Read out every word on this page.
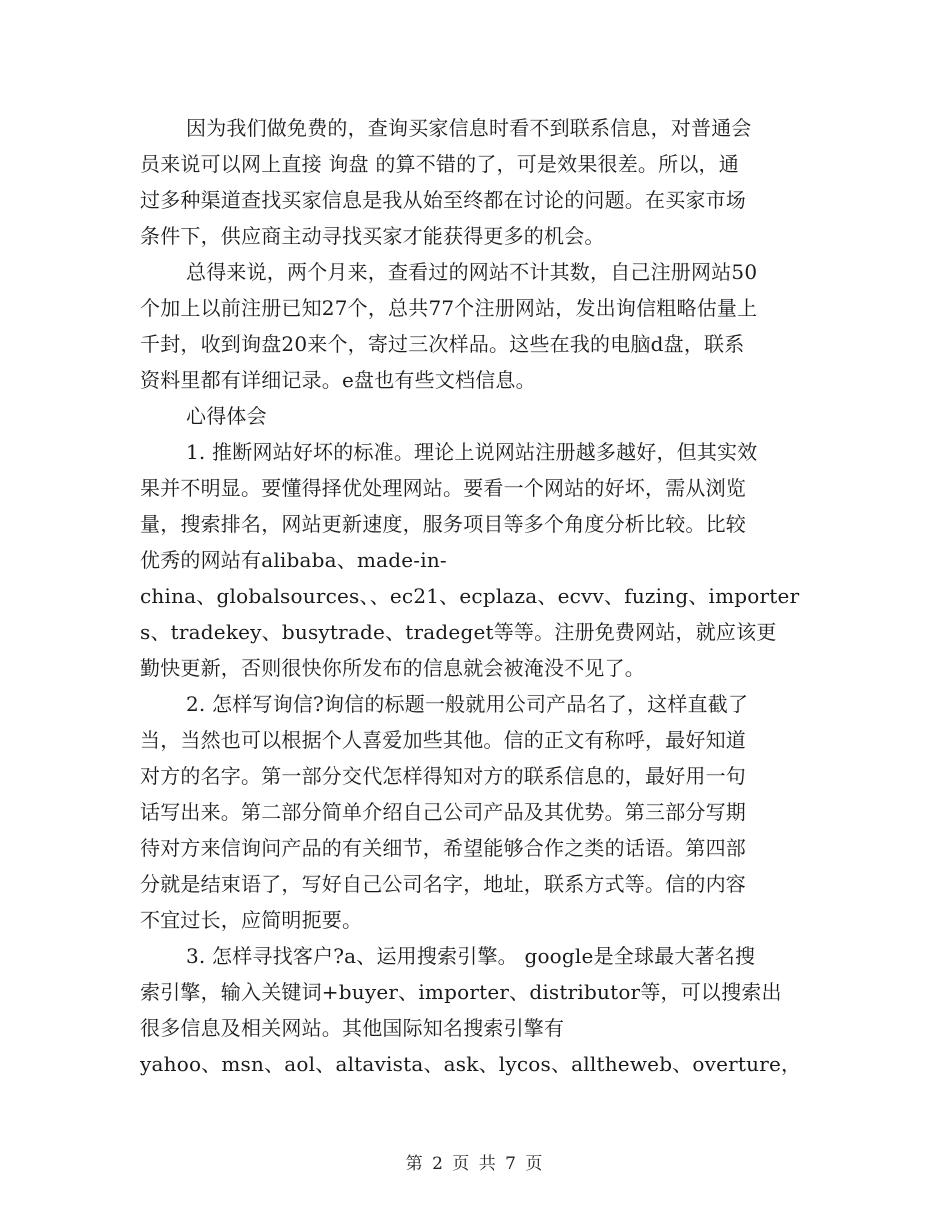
因为我们做免费的，查询买家信息时看不到联系信息，对普通会
员来说可以网上直接 询盘 的算不错的了，可是效果很差。所以，通
过多种渠道查找买家信息是我从始至终都在讨论的问题。在买家市场
条件下，供应商主动寻找买家才能获得更多的机会。
总得来说，两个月来，查看过的网站不计其数，自己注册网站50
个加上以前注册已知27个，总共77个注册网站，发出询信粗略估量上
千封，收到询盘20来个，寄过三次样品。这些在我的电脑d盘，联系
资料里都有详细记录。e盘也有些文档信息。
心得体会
1. 推断网站好坏的标准。理论上说网站注册越多越好，但其实效
果并不明显。要懂得择优处理网站。要看一个网站的好坏，需从浏览
量，搜索排名，网站更新速度，服务项目等多个角度分析比较。比较
优秀的网站有alibaba、made-in-
china、globalsources、、ec21、ecplaza、ecvv、fuzing、importer
s、tradekey、busytrade、tradeget等等。注册免费网站，就应该更
勤快更新，否则很快你所发布的信息就会被淹没不见了。
2. 怎样写询信?询信的标题一般就用公司产品名了，这样直截了
当，当然也可以根据个人喜爱加些其他。信的正文有称呼，最好知道
对方的名字。第一部分交代怎样得知对方的联系信息的，最好用一句
话写出来。第二部分简单介绍自己公司产品及其优势。第三部分写期
待对方来信询问产品的有关细节，希望能够合作之类的话语。第四部
分就是结束语了，写好自己公司名字，地址，联系方式等。信的内容
不宜过长，应简明扼要。
3. 怎样寻找客户?a、运用搜索引擎。 google是全球最大著名搜
索引擎，输入关键词+buyer、importer、distributor等，可以搜索出
很多信息及相关网站。其他国际知名搜索引擎有
yahoo、msn、aol、altavista、ask、lycos、alltheweb、overture，
第 2 页 共 7 页
